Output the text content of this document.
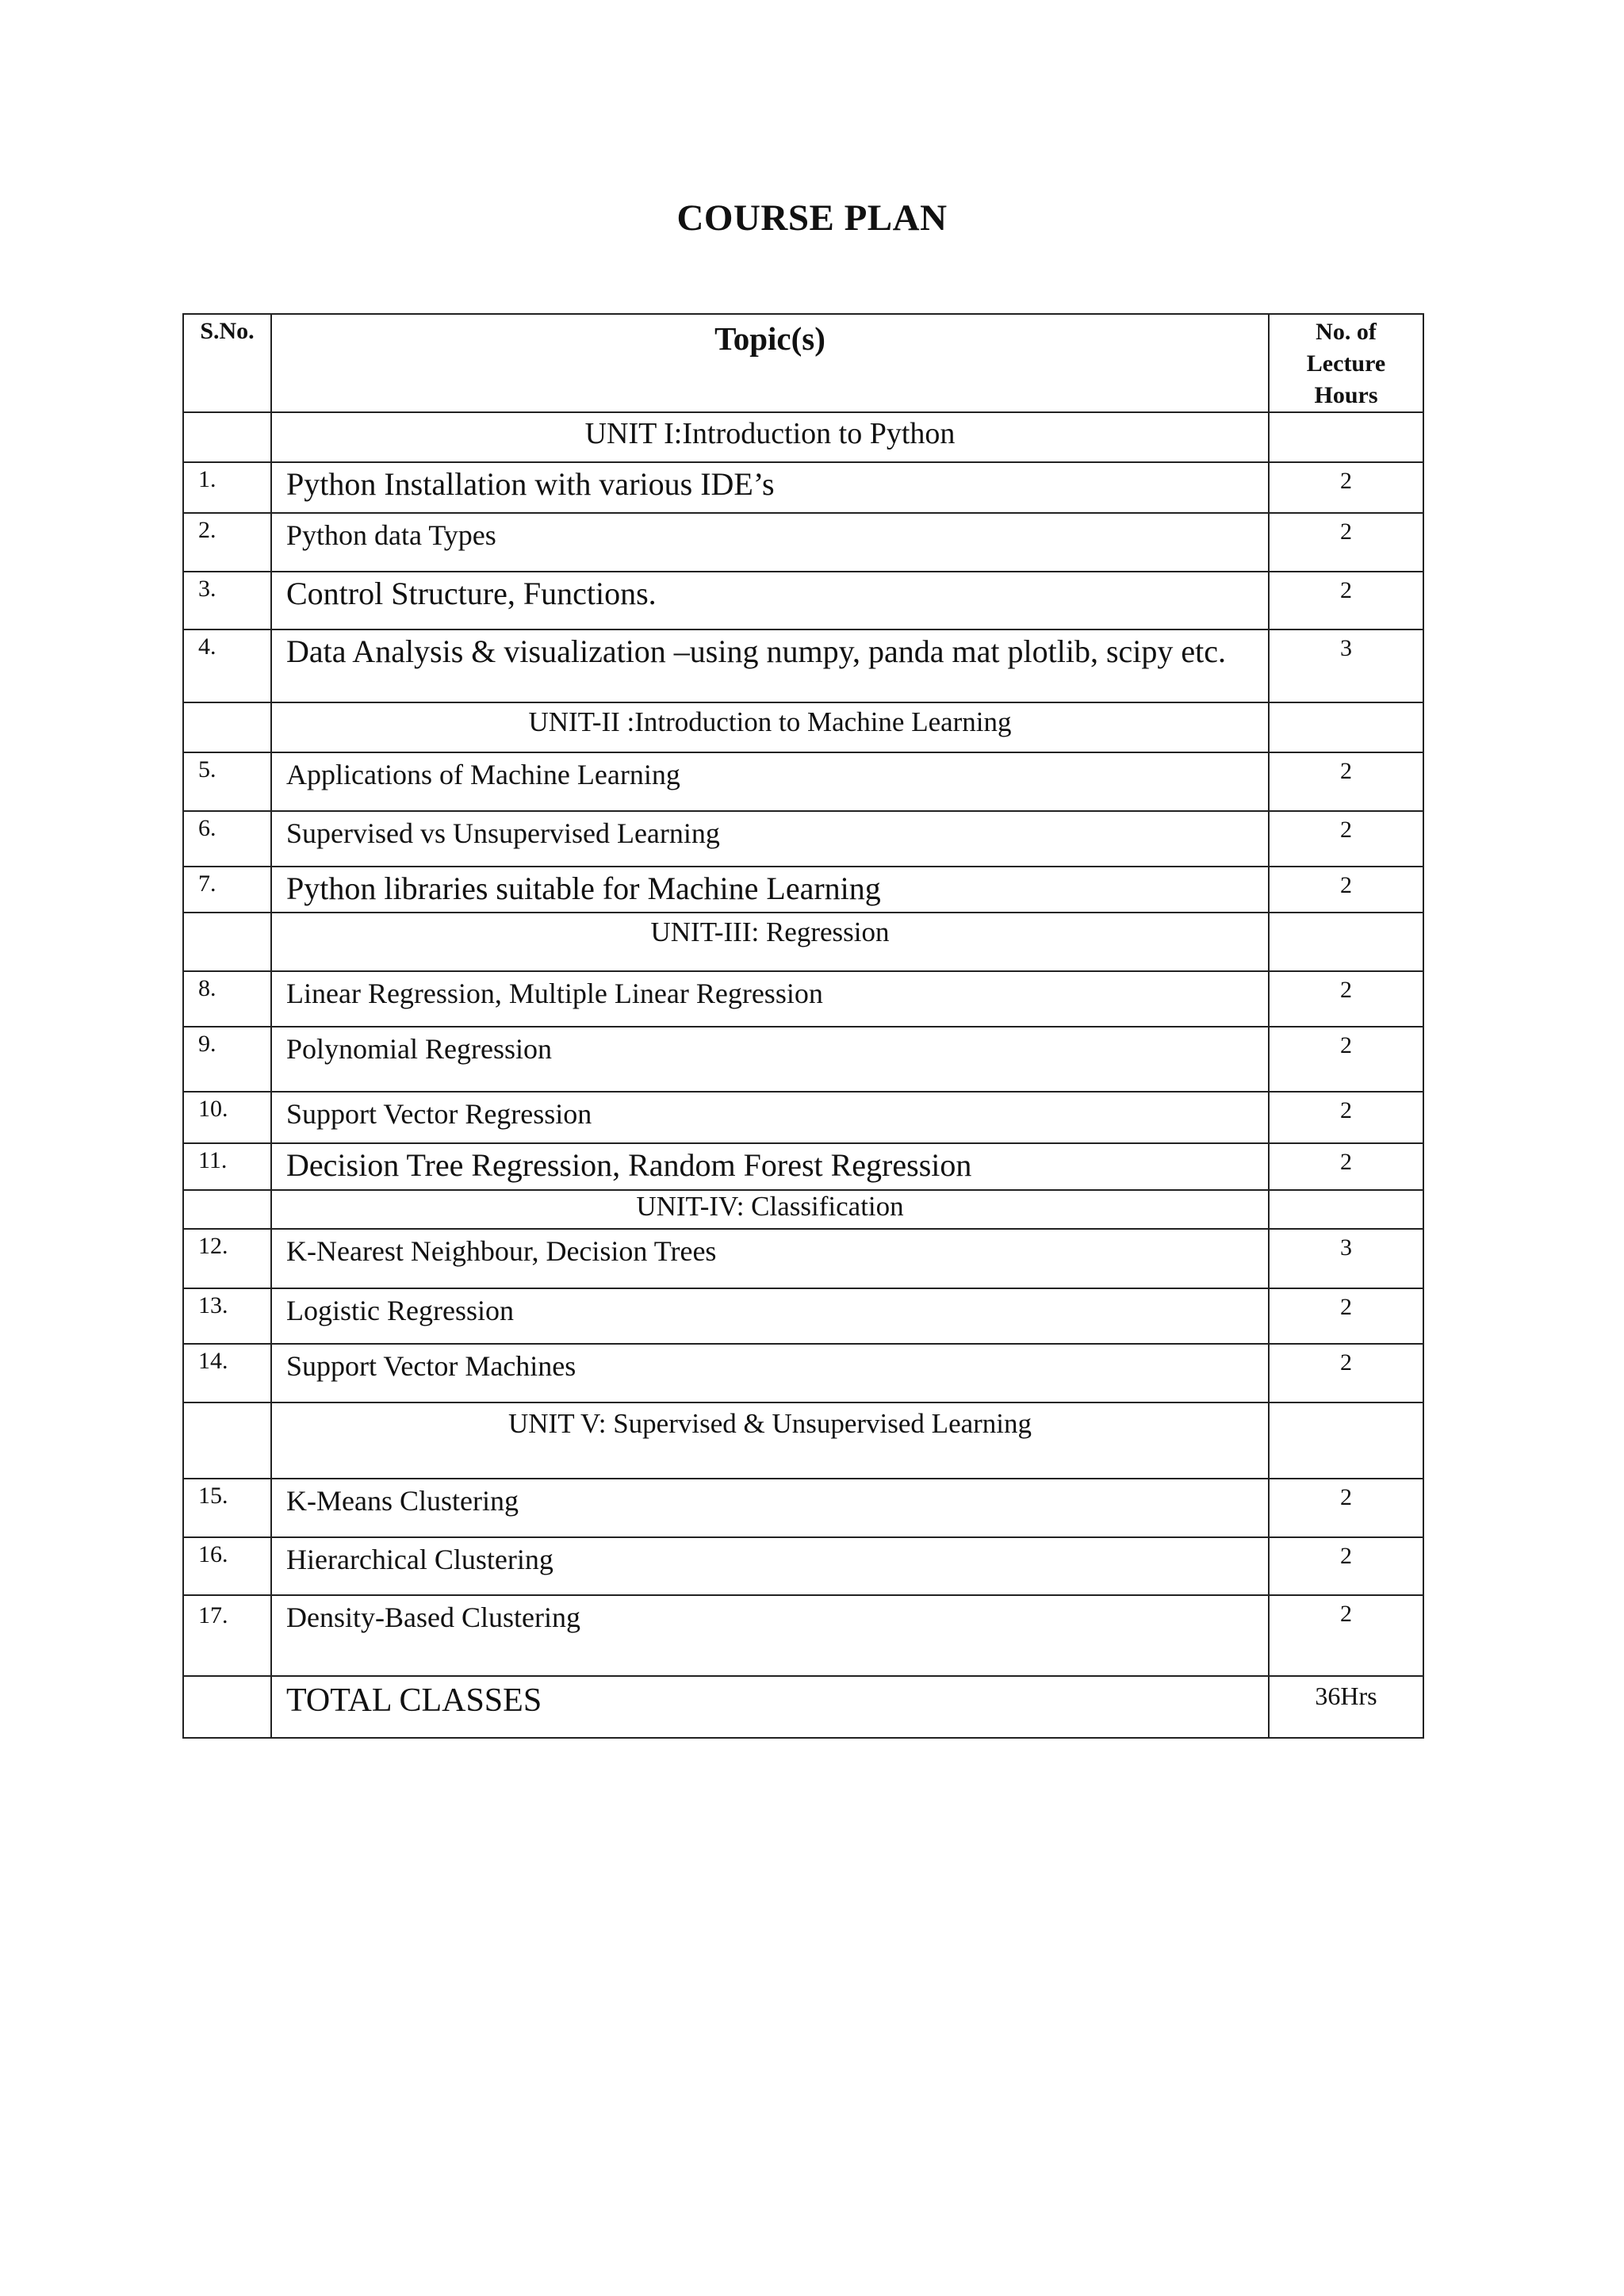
COURSE PLAN
S.No.	Topic(s)	No. of
Lecture
Hours

	UNIT I:Introduction to Python	
1.	Python Installation with various IDE’s	2
2.	Python data Types	2
3.	Control Structure, Functions.	2
4.	Data Analysis & visualization –using numpy, panda mat plotlib, scipy etc.	3
	UNIT-II :Introduction to Machine Learning	
5.	Applications of Machine Learning	2
6.	Supervised vs Unsupervised Learning	2
7.	Python libraries suitable for Machine Learning	2
	UNIT-III: Regression	
8.	Linear Regression, Multiple Linear Regression	2
9.	Polynomial Regression	2
10.	Support Vector Regression	2
11.	Decision Tree Regression, Random Forest Regression	2
	UNIT-IV: Classification	
12.	K-Nearest Neighbour, Decision Trees	3
13.	Logistic Regression	2
14.	Support Vector Machines	2
	UNIT V: Supervised & Unsupervised Learning	
15.	K-Means Clustering	2
16.	Hierarchical Clustering	2
17.	Density-Based Clustering	2
	TOTAL CLASSES	36Hrs
